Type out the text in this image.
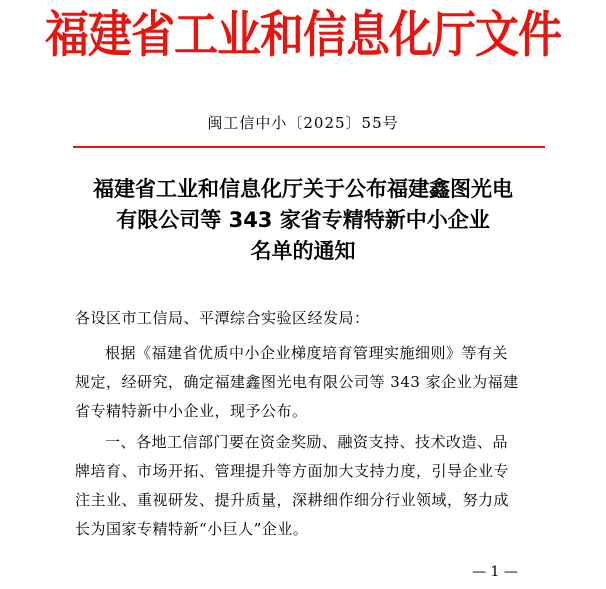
福建省工业和信息化厅文件
闽工信中小〔2025〕55号
福建省工业和信息化厅关于公布福建鑫图光电
有限公司等 343 家省专精特新中小企业
名单的通知
各设区市工信局、平潭综合实验区经发局：
根据《福建省优质中小企业梯度培育管理实施细则》等有关
规定，经研究，确定福建鑫图光电有限公司等 343 家企业为福建
省专精特新中小企业，现予公布。
一、各地工信部门要在资金奖励、融资支持、技术改造、品
牌培育、市场开拓、管理提升等方面加大支持力度，引导企业专
注主业、重视研发、提升质量，深耕细作细分行业领域，努力成
长为国家专精特新“小巨人”企业。
— 1 —
